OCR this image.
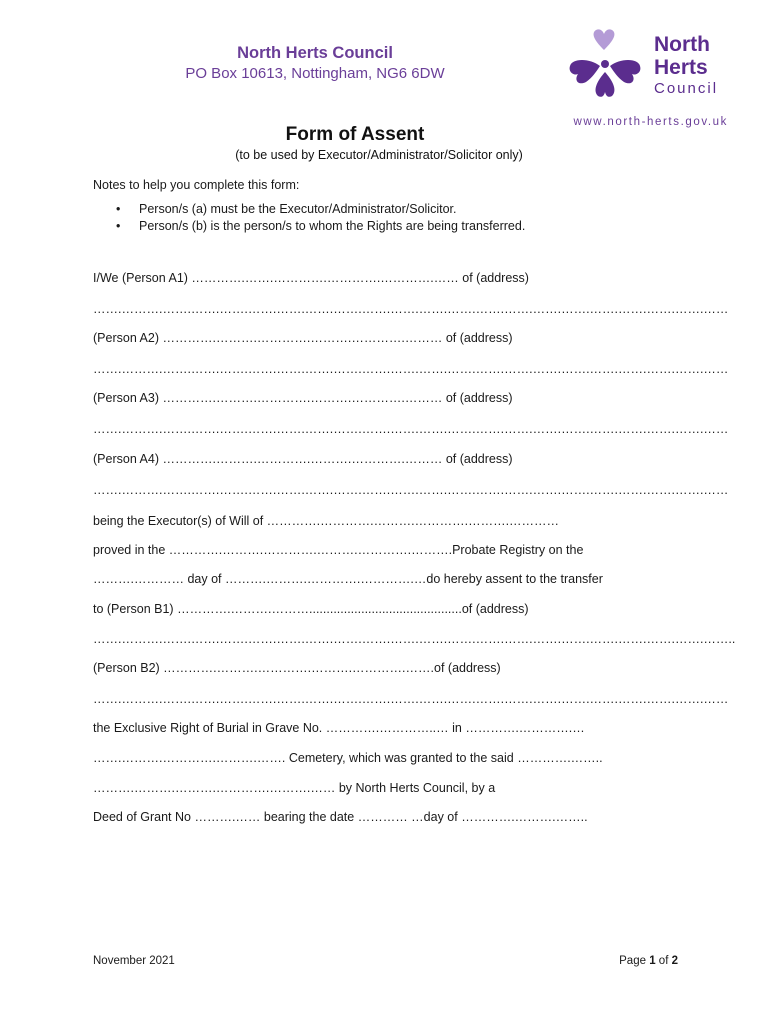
North Herts Council
PO Box 10613, Nottingham, NG6 6DW
North
Herts
Council
www.north-herts.gov.uk
Form of Assent
(to be used by Executor/Administrator/Solicitor only)
Notes to help you complete this form:
• Person/s (a) must be the Executor/Administrator/Solicitor.
• Person/s (b) is the person/s to whom the Rights are being transferred.
I/We (Person A1) ………….…….………….………….………….…… of (address)
…….……….…….…….…….…….…….…….…….…….…….…….…….…….…….…….…….…….…….…….…….……
(Person A2) ………….……….………….……….………….……… of (address)
…….……….…….…….…….…….…….…….…….…….…….…….…….…….…….…….…….…….…….…….…….……
(Person A3) ………….……….………….……….………….……… of (address)
…….……….…….…….…….…….…….…….…….…….…….…….…….…….…….…….…….…….…….…….…….……
(Person A4) ………….……….………….……….………….……… of (address)
…….……….…….…….…….…….…….…….…….…….…….…….…….…….…….…….…….…….…….…….…….……
being the Executor(s) of Will of ………….………….……….………….……….…………
proved in the ………….……….………….……….………….……….Probate Registry on the
……….………… day of ……….……….………….………….…do hereby assent to the transfer
to (Person B1) ………….……….………............................................of (address)
…….……….…….…….…….…….…….…….…….…….…….…….…….…….…….…….…….…….…….…….…….……..
(Person B2) ………….……….………….……….………….…….of (address)
…….……….…….…….…….…….…….…….…….…….…….…….…….…….…….…….…….…….…….…….…….……
the Exclusive Right of Burial in Grave No. ………….…………..… in ………….………….…
…….……….………….……….……. Cemetery, which was granted to the said ………….……..
……….……….……….………….……….…… by North Herts Council, by a
Deed of Grant No ……….…… bearing the date ………… …day of ………….……….……..
November 2021	Page 1 of 2
